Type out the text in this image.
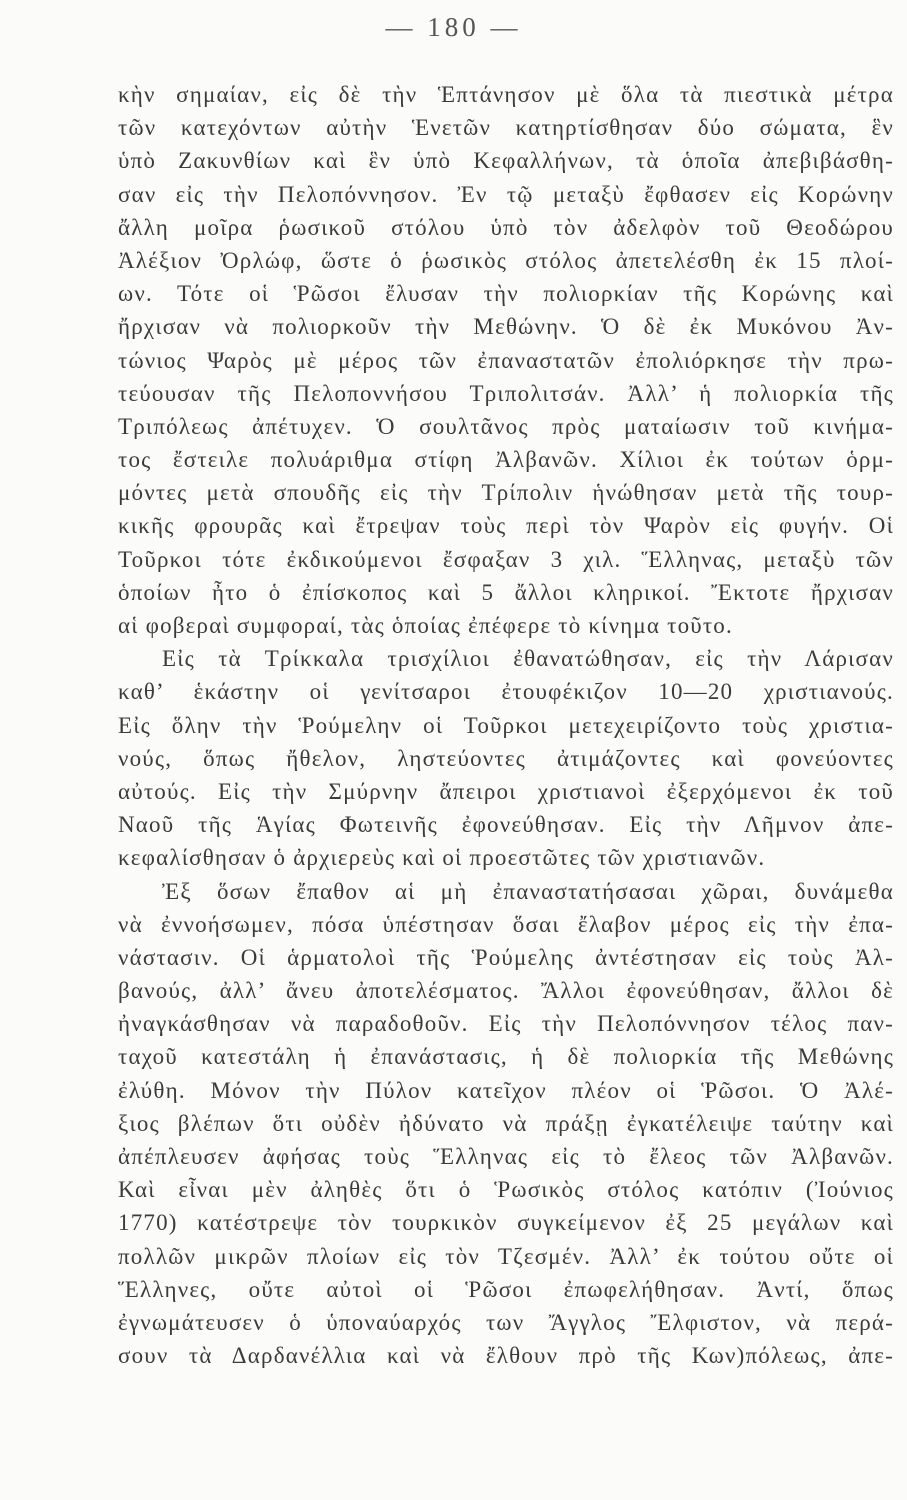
— 180 —
κὴν σημαίαν, εἰς δὲ τὴν Ἑπτάνησον μὲ ὅλα τὰ πιεστικὰ μέτρα
τῶν κατεχόντων αὐτὴν Ἑνετῶν κατηρτίσθησαν δύο σώματα, ἓν
ὑπὸ Ζακυνθίων καὶ ἓν ὑπὸ Κεφαλλήνων, τὰ ὁποῖα ἀπεβιβάσθη-
σαν εἰς τὴν Πελοπόννησον. Ἐν τῷ μεταξὺ ἔφθασεν εἰς Κορώνην
ἄλλη μοῖρα ῥωσικοῦ στόλου ὑπὸ τὸν ἀδελφὸν τοῦ Θεοδώρου
Ἀλέξιον Ὀρλώφ, ὥστε ὁ ῥωσικὸς στόλος ἀπετελέσθη ἐκ 15 πλοί-
ων. Τότε οἱ Ῥῶσοι ἔλυσαν τὴν πολιορκίαν τῆς Κορώνης καὶ
ἤρχισαν νὰ πολιορκοῦν τὴν Μεθώνην. Ὁ δὲ ἐκ Μυκόνου Ἀν-
τώνιος Ψαρὸς μὲ μέρος τῶν ἐπαναστατῶν ἐπολιόρκησε τὴν πρω-
τεύουσαν τῆς Πελοποννήσου Τριπολιτσάν. Ἀλλ’ ἡ πολιορκία τῆς
Τριπόλεως ἀπέτυχεν. Ὁ σουλτᾶνος πρὸς ματαίωσιν τοῦ κινήμα-
τος ἔστειλε πολυάριθμα στίφη Ἀλβανῶν. Χίλιοι ἐκ τούτων ὁρμ-
μόντες μετὰ σπουδῆς εἰς τὴν Τρίπολιν ἡνώθησαν μετὰ τῆς τουρ-
κικῆς φρουρᾶς καὶ ἔτρεψαν τοὺς περὶ τὸν Ψαρὸν εἰς φυγήν. Οἱ
Τοῦρκοι τότε ἐκδικούμενοι ἔσφαξαν 3 χιλ. Ἕλληνας, μεταξὺ τῶν
ὁποίων ἦτο ὁ ἐπίσκοπος καὶ 5 ἄλλοι κληρικοί. Ἔκτοτε ἤρχισαν
αἱ φοβεραὶ συμφοραί, τὰς ὁποίας ἐπέφερε τὸ κίνημα τοῦτο.
Εἰς τὰ Τρίκκαλα τρισχίλιοι ἐθανατώθησαν, εἰς τὴν Λάρισαν
καθ’ ἑκάστην οἱ γενίτσαροι ἐτουφέκιζον 10—20 χριστιανούς.
Εἰς ὅλην τὴν Ῥούμελην οἱ Τοῦρκοι μετεχειρίζοντο τοὺς χριστια-
νούς, ὅπως ἤθελον, ληστεύοντες ἀτιμάζοντες καὶ φονεύοντες
αὐτούς. Εἰς τὴν Σμύρνην ἄπειροι χριστιανοὶ ἐξερχόμενοι ἐκ τοῦ
Ναοῦ τῆς Ἁγίας Φωτεινῆς ἐφονεύθησαν. Εἰς τὴν Λῆμνον ἀπε-
κεφαλίσθησαν ὁ ἀρχιερεὺς καὶ οἱ προεστῶτες τῶν χριστιανῶν.
Ἐξ ὅσων ἔπαθον αἱ μὴ ἐπαναστατήσασαι χῶραι, δυνάμεθα
νὰ ἐννοήσωμεν, πόσα ὑπέστησαν ὅσαι ἔλαβον μέρος εἰς τὴν ἐπα-
νάστασιν. Οἱ ἁρματολοὶ τῆς Ῥούμελης ἀντέστησαν εἰς τοὺς Ἀλ-
βανούς, ἀλλ’ ἄνευ ἀποτελέσματος. Ἄλλοι ἐφονεύθησαν, ἄλλοι δὲ
ἠναγκάσθησαν νὰ παραδοθοῦν. Εἰς τὴν Πελοπόννησον τέλος παν-
ταχοῦ κατεστάλη ἡ ἐπανάστασις, ἡ δὲ πολιορκία τῆς Μεθώνης
ἐλύθη. Μόνον τὴν Πύλον κατεῖχον πλέον οἱ Ῥῶσοι. Ὁ Ἀλέ-
ξιος βλέπων ὅτι οὐδὲν ἠδύνατο νὰ πράξῃ ἐγκατέλειψε ταύτην καὶ
ἀπέπλευσεν ἀφήσας τοὺς Ἕλληνας εἰς τὸ ἔλεος τῶν Ἀλβανῶν.
Καὶ εἶναι μὲν ἀληθὲς ὅτι ὁ Ῥωσικὸς στόλος κατόπιν (Ἰούνιος
1770) κατέστρεψε τὸν τουρκικὸν συγκείμενον ἐξ 25 μεγάλων καὶ
πολλῶν μικρῶν πλοίων εἰς τὸν Τζεσμέν. Ἀλλ’ ἐκ τούτου οὔτε οἱ
Ἕλληνες, οὔτε αὐτοὶ οἱ Ῥῶσοι ἐπωφελήθησαν. Ἀντί, ὅπως
ἐγνωμάτευσεν ὁ ὑποναύαρχός των Ἄγγλος Ἔλφιστον, νὰ περά-
σουν τὰ Δαρδανέλλια καὶ νὰ ἔλθουν πρὸ τῆς Κων)πόλεως, ἀπε-
